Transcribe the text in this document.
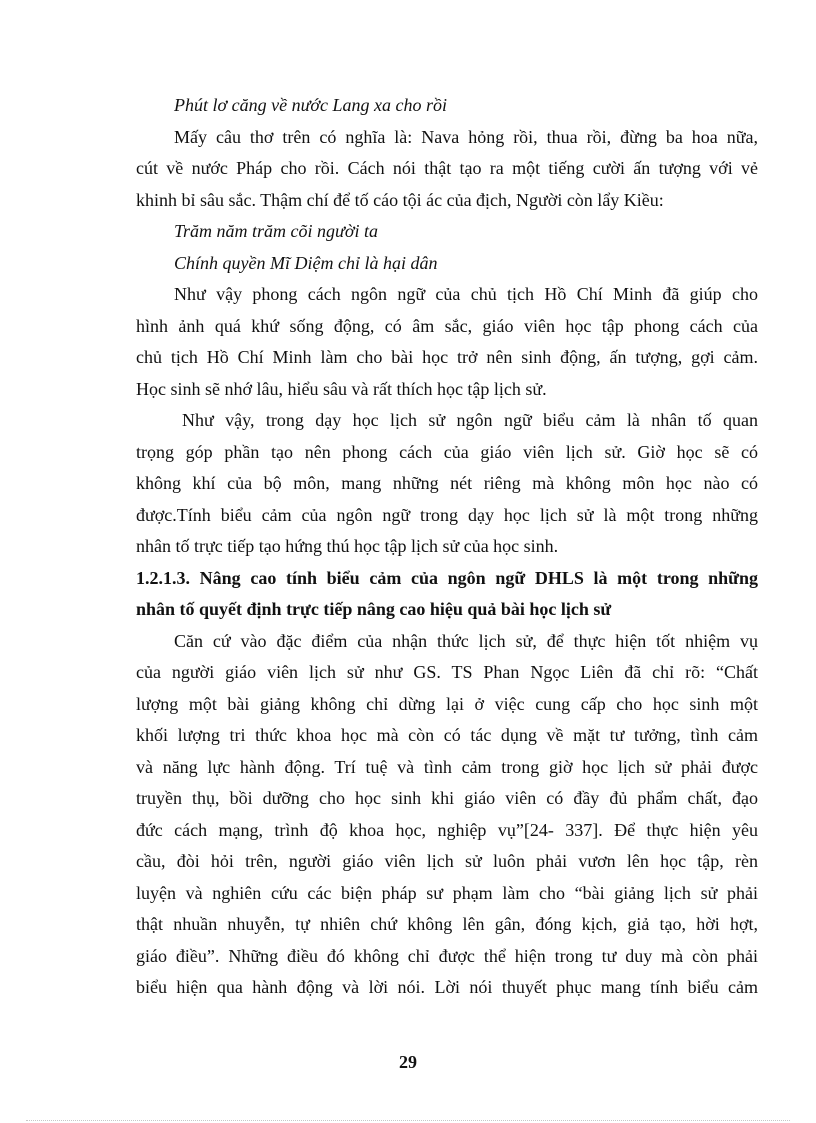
Phút lơ căng về nước Lang xa cho rồi
Mấy câu thơ trên có nghĩa là: Nava hỏng rồi, thua rồi, đừng ba hoa nữa,
cút về nước Pháp cho rồi. Cách nói thật tạo ra một tiếng cười ấn tượng với vẻ
khinh bỉ sâu sắc. Thậm chí để tố cáo tội ác của địch, Người còn lẩy Kiều:
Trăm năm trăm cõi người ta
Chính quyền Mĩ Diệm chỉ là hại dân
Như vậy phong cách ngôn ngữ của chủ tịch Hồ Chí Minh đã giúp cho
hình ảnh quá khứ sống động, có âm sắc, giáo viên học tập phong cách của
chủ tịch Hồ Chí Minh làm cho bài học trở nên sinh động, ấn tượng, gợi cảm.
Học sinh sẽ nhớ lâu, hiểu sâu và rất thích học tập lịch sử.
Như vậy, trong dạy học lịch sử ngôn ngữ biểu cảm là nhân tố quan
trọng góp phần tạo nên phong cách của giáo viên lịch sử. Giờ học sẽ có
không khí của bộ môn, mang những nét riêng mà không môn học nào có
được.Tính biểu cảm của ngôn ngữ trong dạy học lịch sử là một trong những
nhân tố trực tiếp tạo hứng thú học tập lịch sử của học sinh.
1.2.1.3. Nâng cao tính biểu cảm của ngôn ngữ DHLS là một trong những
nhân tố quyết định trực tiếp nâng cao hiệu quả bài học lịch sử
Căn cứ vào đặc điểm của nhận thức lịch sử, để thực hiện tốt nhiệm vụ
của người giáo viên lịch sử như GS. TS Phan Ngọc Liên đã chỉ rõ: “Chất
lượng một bài giảng không chỉ dừng lại ở việc cung cấp cho học sinh một
khối lượng tri thức khoa học mà còn có tác dụng về mặt tư tưởng, tình cảm
và năng lực hành động. Trí tuệ và tình cảm trong giờ học lịch sử phải được
truyền thụ, bồi dưỡng cho học sinh khi giáo viên có đầy đủ phẩm chất, đạo
đức cách mạng, trình độ khoa học, nghiệp vụ”[24- 337]. Để thực hiện yêu
cầu, đòi hỏi trên, người giáo viên lịch sử luôn phải vươn lên học tập, rèn
luyện và nghiên cứu các biện pháp sư phạm làm cho “bài giảng lịch sử phải
thật nhuần nhuyễn, tự nhiên chứ không lên gân, đóng kịch, giả tạo, hời hợt,
giáo điều”. Những điều đó không chỉ được thể hiện trong tư duy mà còn phải
biểu hiện qua hành động và lời nói. Lời nói thuyết phục mang tính biểu cảm
29
